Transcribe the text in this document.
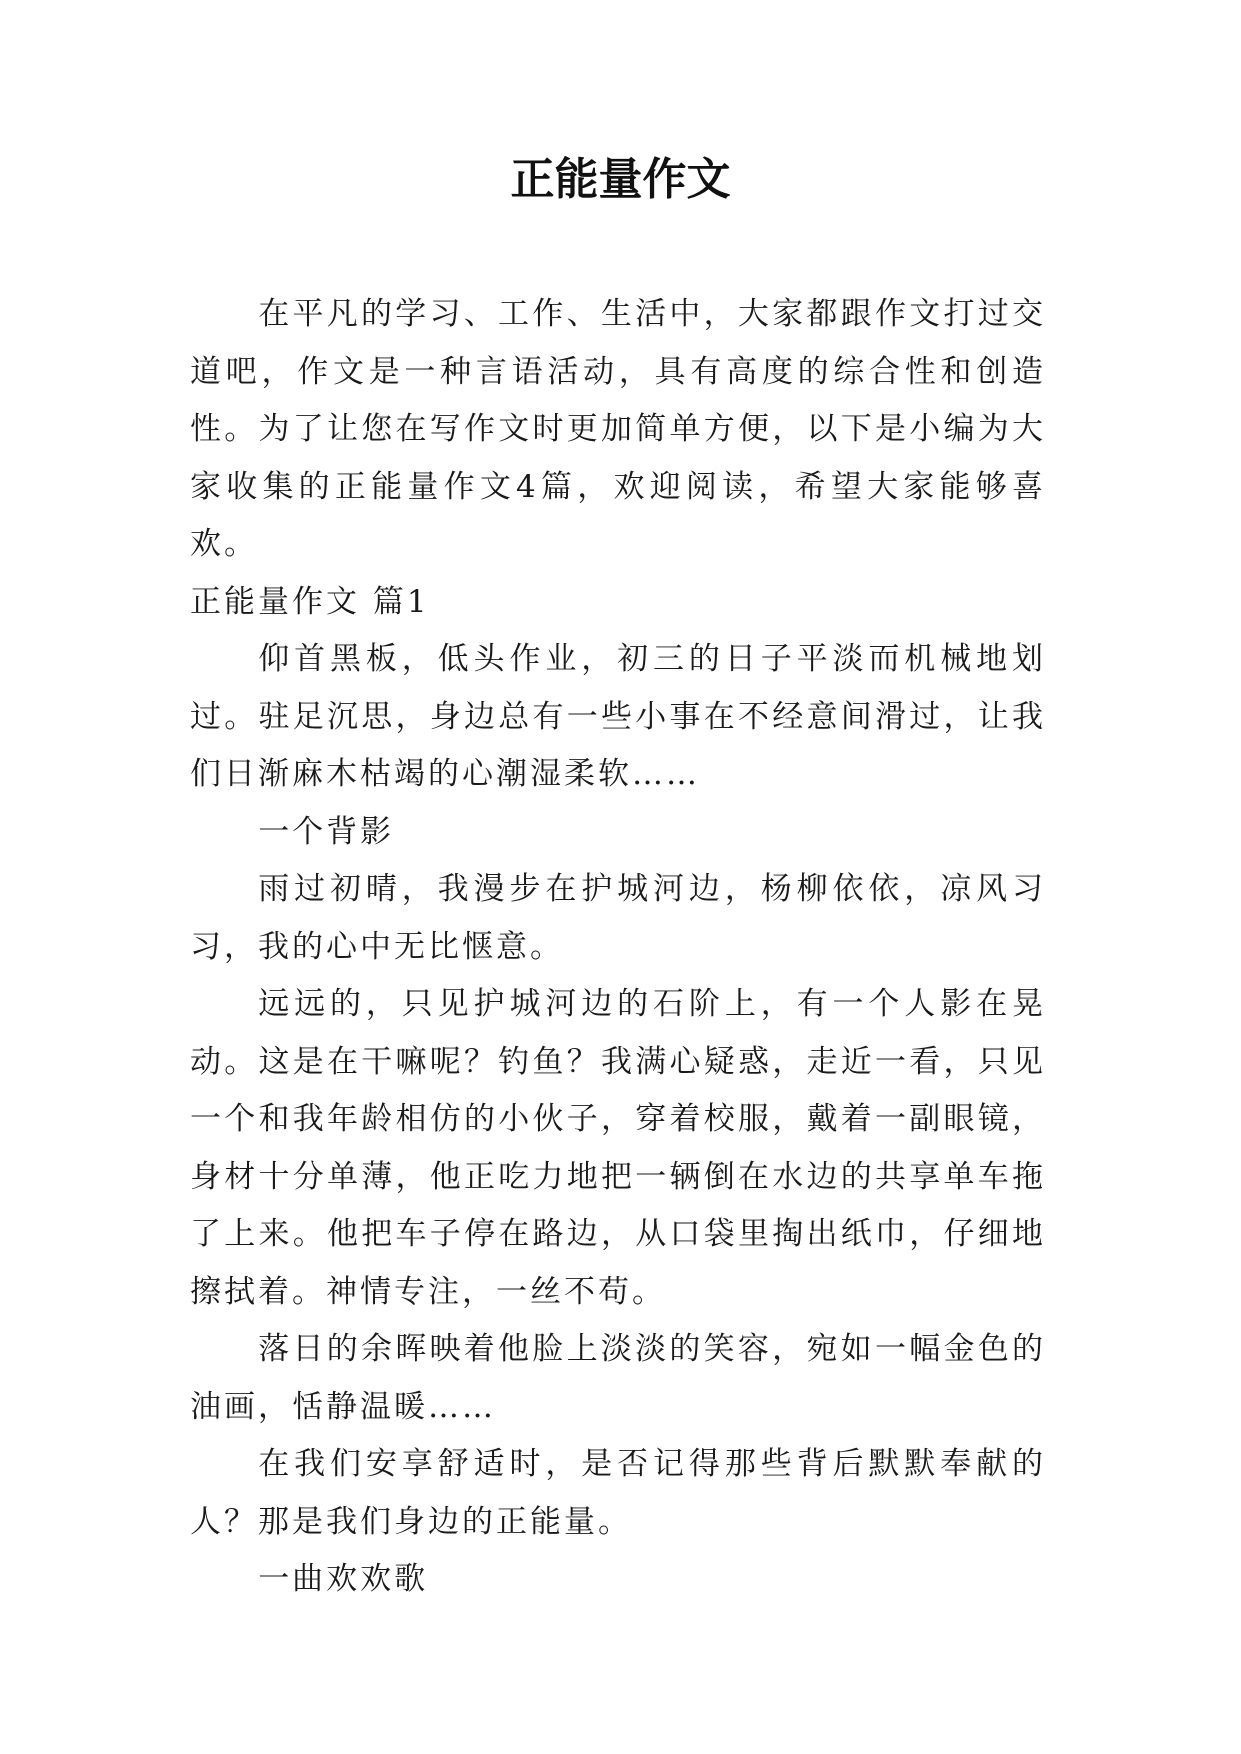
正能量作文

在平凡的学习、工作、生活中，大家都跟作文打过交道吧，作文是一种言语活动，具有高度的综合性和创造性。为了让您在写作文时更加简单方便，以下是小编为大家收集的正能量作文4篇，欢迎阅读，希望大家能够喜欢。

正能量作文 篇1

仰首黑板，低头作业，初三的日子平淡而机械地划过。驻足沉思，身边总有一些小事在不经意间滑过，让我们日渐麻木枯竭的心潮湿柔软……

一个背影

雨过初晴，我漫步在护城河边，杨柳依依，凉风习习，我的心中无比惬意。

远远的，只见护城河边的石阶上，有一个人影在晃动。这是在干嘛呢？钓鱼？我满心疑惑，走近一看，只见一个和我年龄相仿的小伙子，穿着校服，戴着一副眼镜，身材十分单薄，他正吃力地把一辆倒在水边的共享单车拖了上来。他把车子停在路边，从口袋里掏出纸巾，仔细地擦拭着。神情专注，一丝不苟。

落日的余晖映着他脸上淡淡的笑容，宛如一幅金色的油画，恬静温暖……

在我们安享舒适时，是否记得那些背后默默奉献的人？那是我们身边的正能量。

一曲欢欢歌
